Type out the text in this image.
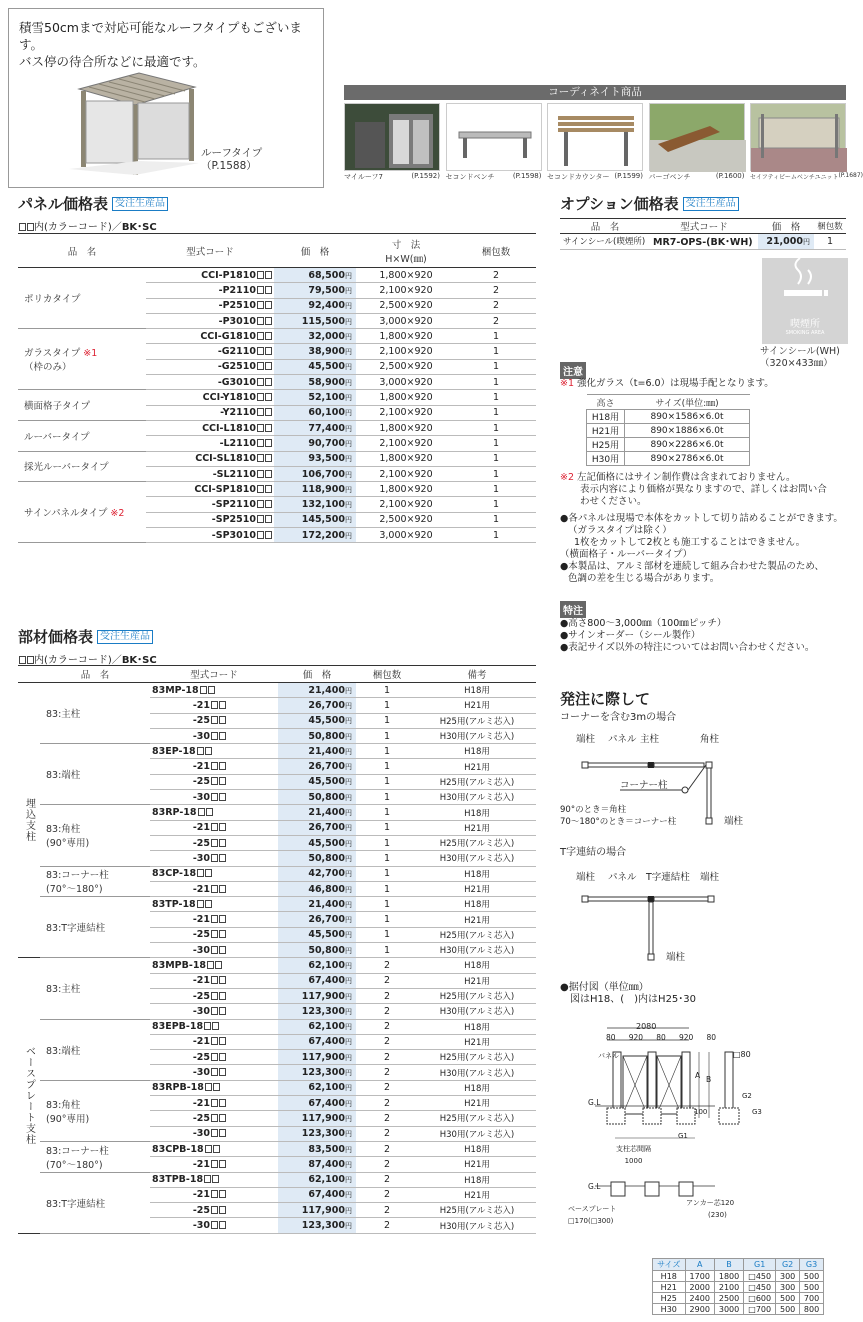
積雪50cmまで対応可能なルーフタイプもございます。
バス停の待合所などに最適です。
ルーフタイプ
（P.1588）
コーディネイト商品
マイルーフ7	(P.1592) セコンドベンチ	(P.1598) セコンドカウンター (P.1599) パーゴベンチ	(P.1600) セイフティビームベンチユニット (P.1687)
パネル価格表 受注生産品
内(カラーコード)／BK･SC
品　名	型式コード	価　格	寸　法
H×W(㎜)	梱包数
ポリカタイプ	CCI-P1810	68,500円	1,800×920	2
	-P2110	79,500円	2,100×920	2
	-P2510	92,400円	2,500×920	2
	-P3010	115,500円	3,000×920	2
ガラスタイプ ※1
（枠のみ）	CCI-G1810	32,000円	1,800×920	1
	-G2110	38,900円	2,100×920	1
	-G2510	45,500円	2,500×920	1
	-G3010	58,900円	3,000×920	1
横面格子タイプ	CCI-Y1810	52,100円	1,800×920	1
	-Y2110	60,100円	2,100×920	1
ルーバータイプ	CCI-L1810	77,400円	1,800×920	1
	-L2110	90,700円	2,100×920	1
採光ルーバータイプ	CCI-SL1810	93,500円	1,800×920	1
	-SL2110	106,700円	2,100×920	1
サインパネルタイプ ※2	CCI-SP1810	118,900円	1,800×920	1
	-SP2110	132,100円	2,100×920	1
	-SP2510	145,500円	2,500×920	1
	-SP3010	172,200円	3,000×920	1
部材価格表 受注生産品
内(カラーコード)／BK･SC
	品　名	型式コード	価　格	梱包数	備考
埋込支柱	83:主柱	83MP-18	21,400円	1	H18用
		-21	26,700円	1	H21用
		-25	45,500円	1	H25用(アルミ芯入)
		-30	50,800円	1	H30用(アルミ芯入)
	83:端柱	83EP-18	21,400円	1	H18用
		-21	26,700円	1	H21用
		-25	45,500円	1	H25用(アルミ芯入)
		-30	50,800円	1	H30用(アルミ芯入)
	83:角柱
(90°専用)	83RP-18	21,400円	1	H18用
		-21	26,700円	1	H21用
		-25	45,500円	1	H25用(アルミ芯入)
		-30	50,800円	1	H30用(アルミ芯入)
	83:コーナー柱
(70°～180°)	83CP-18	42,700円	1	H18用
		-21	46,800円	1	H21用
	83:T字連結柱	83TP-18	21,400円	1	H18用
		-21	26,700円	1	H21用
		-25	45,500円	1	H25用(アルミ芯入)
		-30	50,800円	1	H30用(アルミ芯入)
ベースプレート支柱	83:主柱	83MPB-18	62,100円	2	H18用
		-21	67,400円	2	H21用
		-25	117,900円	2	H25用(アルミ芯入)
		-30	123,300円	2	H30用(アルミ芯入)
	83:端柱	83EPB-18	62,100円	2	H18用
		-21	67,400円	2	H21用
		-25	117,900円	2	H25用(アルミ芯入)
		-30	123,300円	2	H30用(アルミ芯入)
	83:角柱
(90°専用)	83RPB-18	62,100円	2	H18用
		-21	67,400円	2	H21用
		-25	117,900円	2	H25用(アルミ芯入)
		-30	123,300円	2	H30用(アルミ芯入)
	83:コーナー柱
(70°～180°)	83CPB-18	83,500円	2	H18用
		-21	87,400円	2	H21用
	83:T字連結柱	83TPB-18	62,100円	2	H18用
		-21	67,400円	2	H21用
		-25	117,900円	2	H25用(アルミ芯入)
		-30	123,300円	2	H30用(アルミ芯入)
オプション価格表 受注生産品
品　名	型式コード	価　格	梱包数
サインシール(喫煙所)	MR7-OPS-(BK･WH)	21,000円	1
喫煙所
SMOKING AREA
サインシール(WH)
（320×433㎜）
注意
※1 強化ガラス（t=6.0）は現場手配となります。
高さ	サイズ(単位:㎜)
H18用	890×1586×6.0t
H21用	890×1886×6.0t
H25用	890×2286×6.0t
H30用	890×2786×6.0t
※2 左記価格にはサイン制作費は含まれておりません。
表示内容により価格が異なりますので、詳しくはお問い合
わせください。
●各パネルは現場で本体をカットして切り詰めることができます。
（ガラスタイプは除く）
1枚をカットして2枚とも施工することはできません。
（横面格子・ルーバータイプ）
●本製品は、アルミ部材を連続して組み合わせた製品のため、
色調の差を生じる場合があります。
特注
●高さ800～3,000㎜（100㎜ピッチ）
●サインオーダー（シール製作）
●表記サイズ以外の特注についてはお問い合わせください。
発注に際して
コーナーを含む3mの場合
端柱 パネル 主柱	角柱
コーナー柱
端柱
90°のとき＝角柱
70～180°のとき＝コーナー柱
T字連結の場合
端柱 パネル T字連結柱 端柱
端柱
●据付図（単位㎜）
図はH18、(　)内はH25･30
2080
80 920 80 920 80
パネル
G.L
A B
□80
G2
G3
100
G1
支柱芯間隔
1000
G.L
ベースプレート
□170(□300)
アンカー芯120
(230)
サイズ	A	B	G1	G2	G3
H18	1700	1800	□450	300	500
H21	2000	2100	□450	300	500
H25	2400	2500	□600	500	700
H30	2900	3000	□700	500	800
